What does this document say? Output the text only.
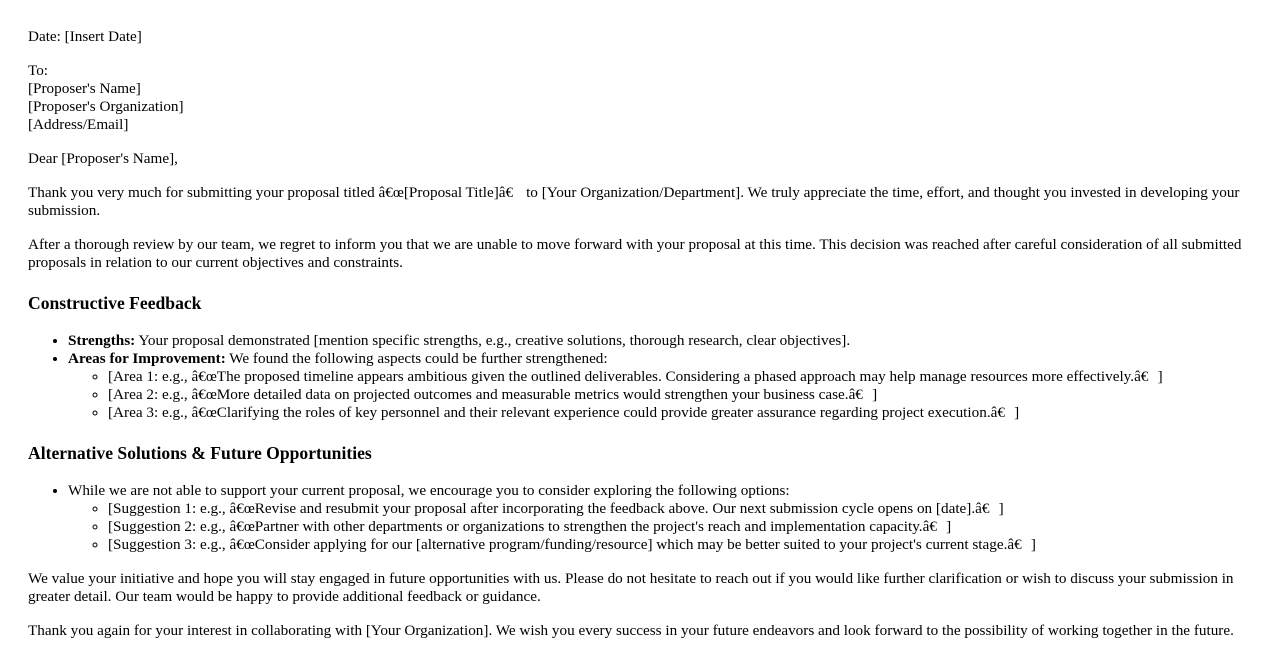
Date: [Insert Date]

To:
[Proposer's Name]
[Proposer's Organization]
[Address/Email]

Dear [Proposer's Name],

Thank you very much for submitting your proposal titled â€œ[Proposal Title]â€ to [Your Organization/Department]. We truly appreciate the time, effort, and thought you invested in developing your submission.

After a thorough review by our team, we regret to inform you that we are unable to move forward with your proposal at this time. This decision was reached after careful consideration of all submitted proposals in relation to our current objectives and constraints.

Constructive Feedback
• Strengths: Your proposal demonstrated [mention specific strengths, e.g., creative solutions, thorough research, clear objectives].
• Areas for Improvement: We found the following aspects could be further strengthened:
◦ [Area 1: e.g., â€œThe proposed timeline appears ambitious given the outlined deliverables. Considering a phased approach may help manage resources more effectively.â€]
◦ [Area 2: e.g., â€œMore detailed data on projected outcomes and measurable metrics would strengthen your business case.â€]
◦ [Area 3: e.g., â€œClarifying the roles of key personnel and their relevant experience could provide greater assurance regarding project execution.â€]
Alternative Solutions & Future Opportunities
• While we are not able to support your current proposal, we encourage you to consider exploring the following options:
◦ [Suggestion 1: e.g., â€œRevise and resubmit your proposal after incorporating the feedback above. Our next submission cycle opens on [date].â€]
◦ [Suggestion 2: e.g., â€œPartner with other departments or organizations to strengthen the project's reach and implementation capacity.â€]
◦ [Suggestion 3: e.g., â€œConsider applying for our [alternative program/funding/resource] which may be better suited to your project's current stage.â€]

We value your initiative and hope you will stay engaged in future opportunities with us. Please do not hesitate to reach out if you would like further clarification or wish to discuss your submission in greater detail. Our team would be happy to provide additional feedback or guidance.

Thank you again for your interest in collaborating with [Your Organization]. We wish you every success in your future endeavors and look forward to the possibility of working together in the future.
